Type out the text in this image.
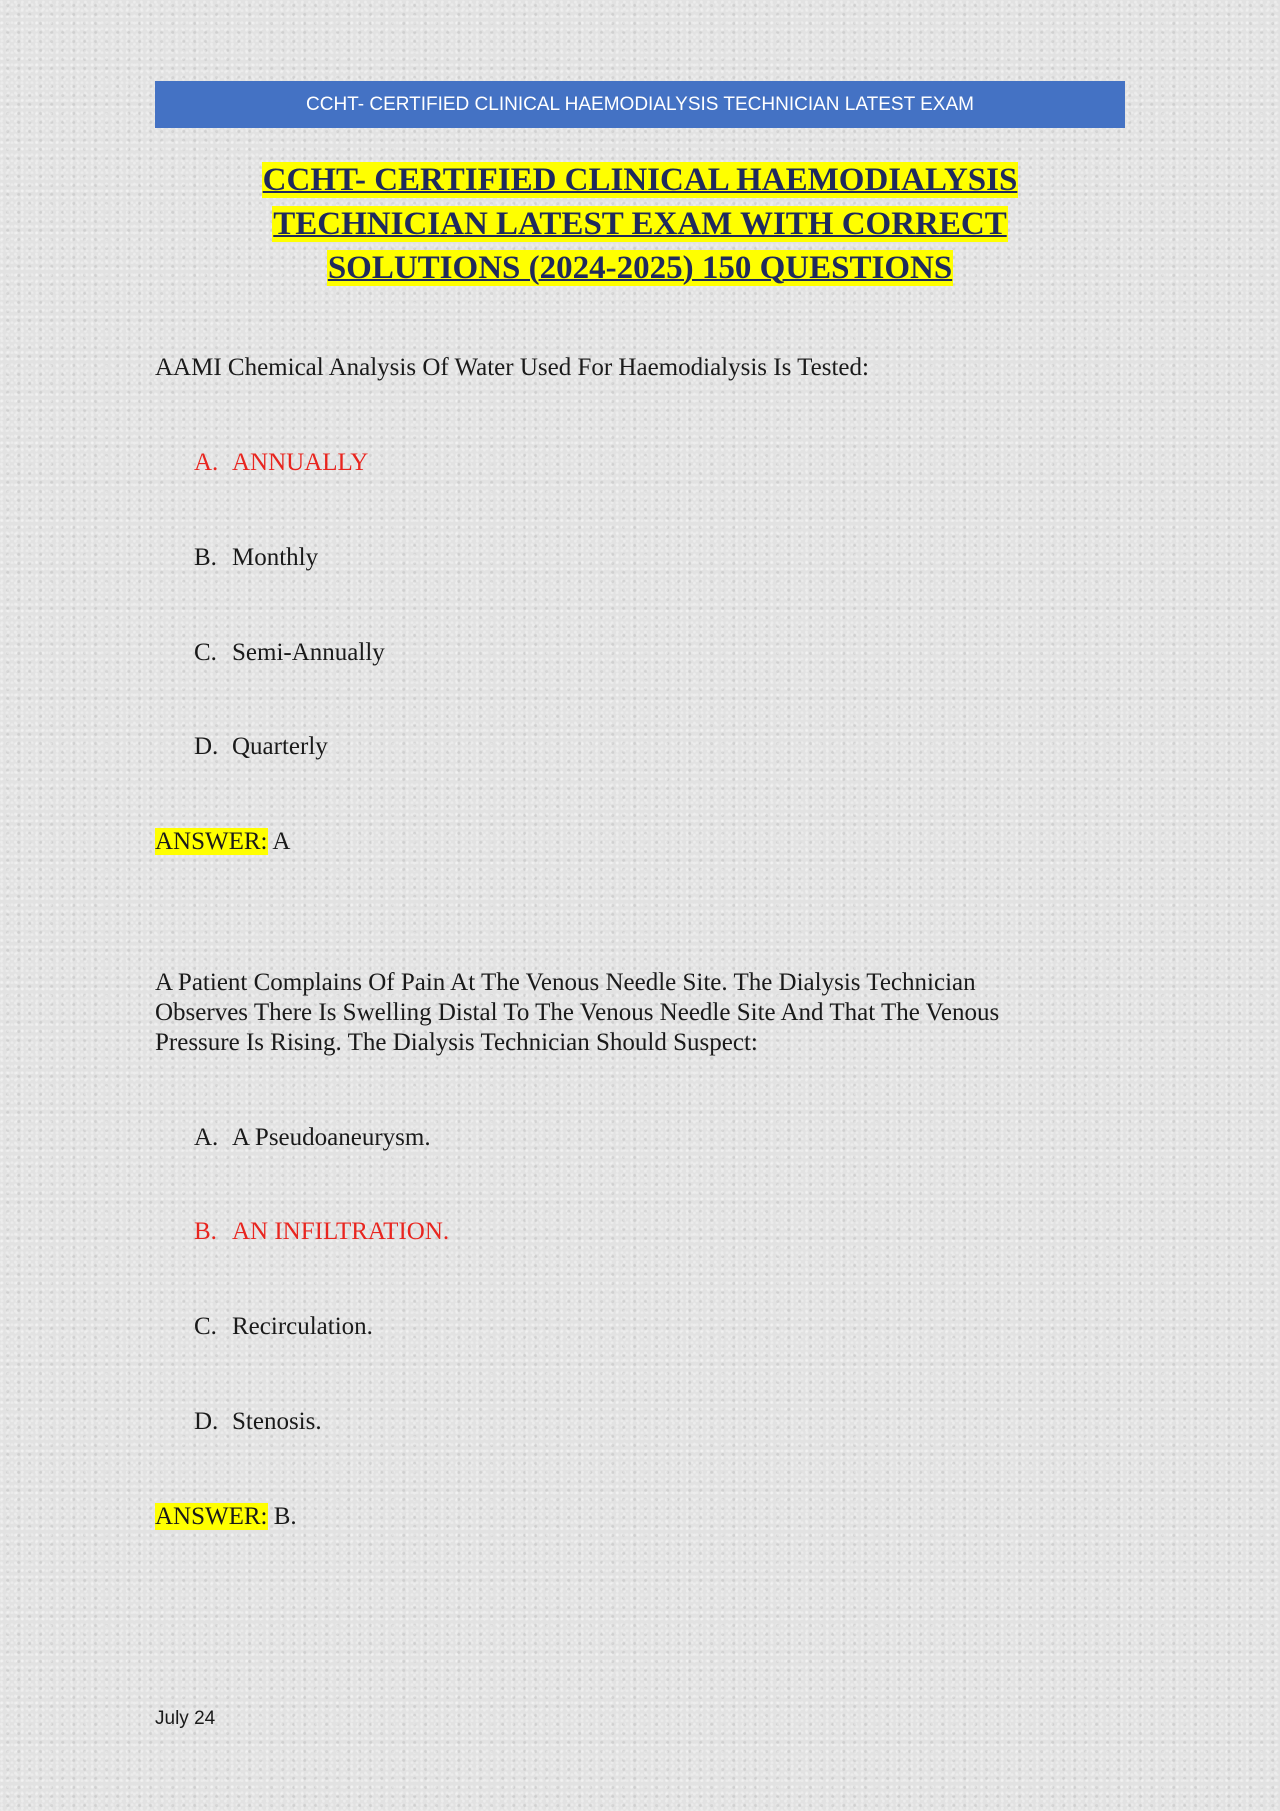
CCHT- CERTIFIED CLINICAL HAEMODIALYSIS TECHNICIAN LATEST EXAM
CCHT- CERTIFIED CLINICAL HAEMODIALYSIS
TECHNICIAN LATEST EXAM WITH CORRECT
SOLUTIONS (2024-2025) 150 QUESTIONS
AAMI Chemical Analysis Of Water Used For Haemodialysis Is Tested:
A. ANNUALLY
B. Monthly
C. Semi-Annually
D. Quarterly
ANSWER: A
A Patient Complains Of Pain At The Venous Needle Site. The Dialysis Technician
Observes There Is Swelling Distal To The Venous Needle Site And That The Venous
Pressure Is Rising. The Dialysis Technician Should Suspect:
A. A Pseudoaneurysm.
B. AN INFILTRATION.
C. Recirculation.
D. Stenosis.
ANSWER: B.
July 24
